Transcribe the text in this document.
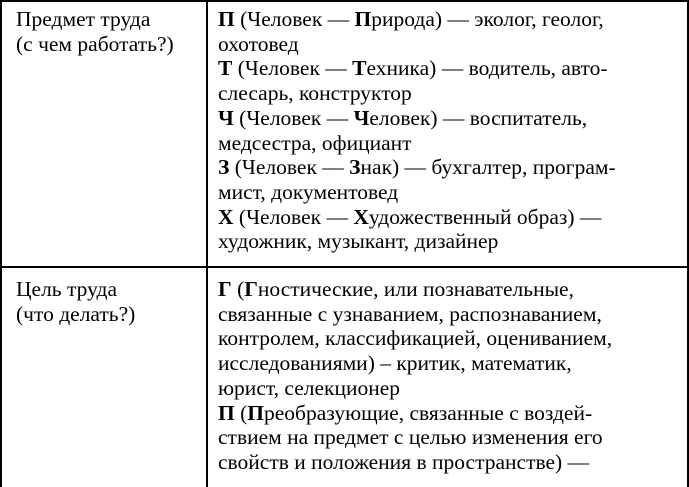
Предмет труда
(с чем работать?)
П (Человек — Природа) — эколог, геолог,
охотовед
Т (Человек — Техника) — водитель, авто-
слесарь, конструктор
Ч (Человек — Человек) — воспитатель,
медсестра, официант
З (Человек — Знак) — бухгалтер, програм-
мист, документовед
Х (Человек — Художественный образ) —
художник, музыкант, дизайнер
Цель труда
(что делать?)
Г (Гностические, или познавательные,
связанные с узнаванием, распознаванием,
контролем, классификацией, оцениванием,
исследованиями) – критик, математик,
юрист, селекционер
П (Преобразующие, связанные с воздей-
ствием на предмет с целью изменения его
свойств и положения в пространстве) —
